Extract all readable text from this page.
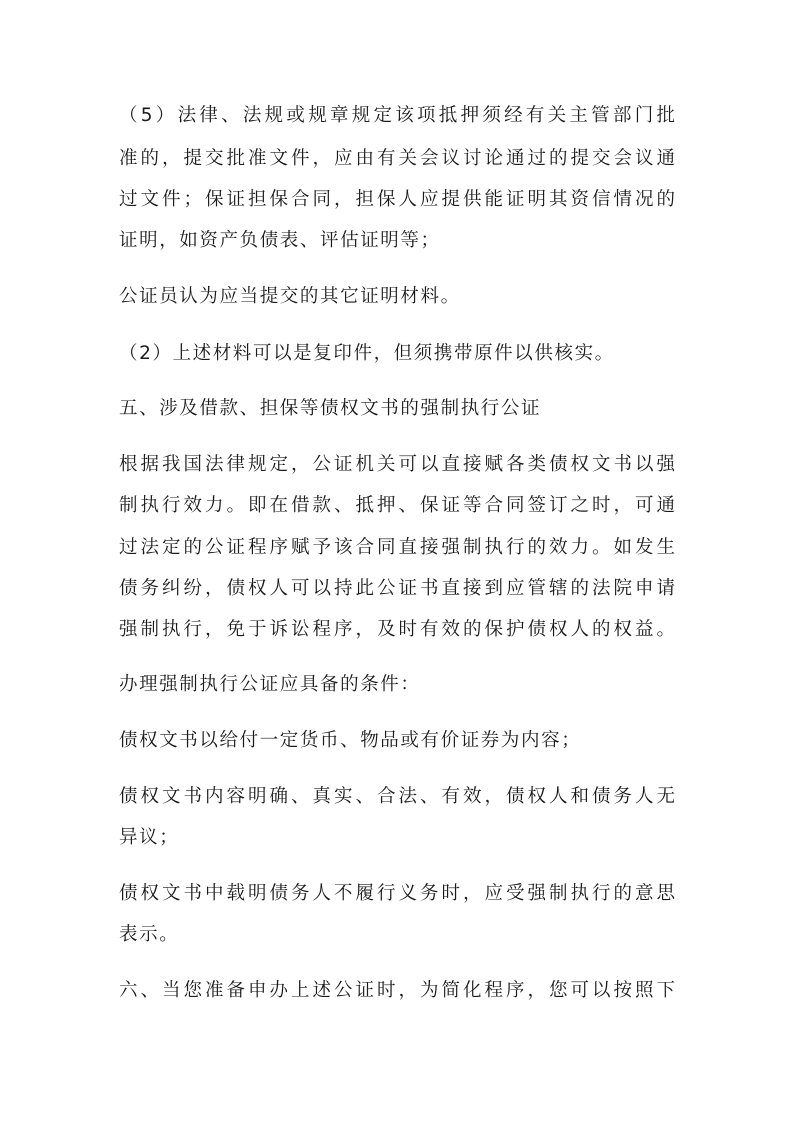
（5）法律、法规或规章规定该项抵押须经有关主管部门批

准的，提交批准文件，应由有关会议讨论通过的提交会议通

过文件；保证担保合同，担保人应提供能证明其资信情况的

证明，如资产负债表、评估证明等；

公证员认为应当提交的其它证明材料。

（2）上述材料可以是复印件，但须携带原件以供核实。

五、涉及借款、担保等债权文书的强制执行公证

根据我国法律规定，公证机关可以直接赋各类债权文书以强

制执行效力。即在借款、抵押、保证等合同签订之时，可通

过法定的公证程序赋予该合同直接强制执行的效力。如发生

债务纠纷，债权人可以持此公证书直接到应管辖的法院申请

强制执行，免于诉讼程序，及时有效的保护债权人的权益。

办理强制执行公证应具备的条件：

债权文书以给付一定货币、物品或有价证券为内容；

债权文书内容明确、真实、合法、有效，债权人和债务人无

异议；

债权文书中载明债务人不履行义务时，应受强制执行的意思

表示。

六、当您准备申办上述公证时，为简化程序，您可以按照下
